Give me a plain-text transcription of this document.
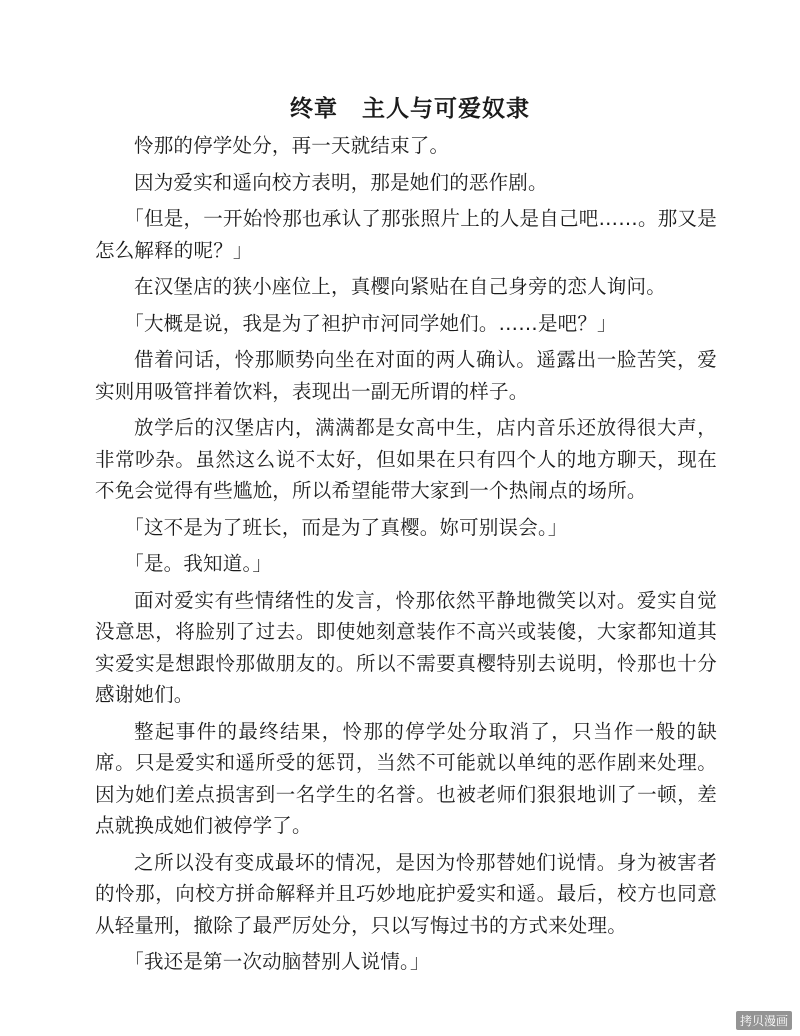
终章　主人与可爱奴隶

怜那的停学处分，再一天就结束了。

因为爱实和遥向校方表明，那是她们的恶作剧。

「但是，一开始怜那也承认了那张照片上的人是自己吧……。那又是怎么解释的呢？」

在汉堡店的狭小座位上，真樱向紧贴在自己身旁的恋人询问。

「大概是说，我是为了袒护市河同学她们。……是吧？」

借着问话，怜那顺势向坐在对面的两人确认。遥露出一脸苦笑，爱实则用吸管拌着饮料，表现出一副无所谓的样子。

放学后的汉堡店内，满满都是女高中生，店内音乐还放得很大声，非常吵杂。虽然这么说不太好，但如果在只有四个人的地方聊天，现在不免会觉得有些尴尬，所以希望能带大家到一个热闹点的场所。

「这不是为了班长，而是为了真樱。妳可别误会。」

「是。我知道。」

面对爱实有些情绪性的发言，怜那依然平静地微笑以对。爱实自觉没意思，将脸别了过去。即使她刻意装作不高兴或装傻，大家都知道其实爱实是想跟怜那做朋友的。所以不需要真樱特别去说明，怜那也十分感谢她们。

整起事件的最终结果，怜那的停学处分取消了，只当作一般的缺席。只是爱实和遥所受的惩罚，当然不可能就以单纯的恶作剧来处理。因为她们差点损害到一名学生的名誉。也被老师们狠狠地训了一顿，差点就换成她们被停学了。

之所以没有变成最坏的情况，是因为怜那替她们说情。身为被害者的怜那，向校方拼命解释并且巧妙地庇护爱实和遥。最后，校方也同意从轻量刑，撤除了最严厉处分，只以写悔过书的方式来处理。

「我还是第一次动脑替别人说情。」

拷贝漫画
